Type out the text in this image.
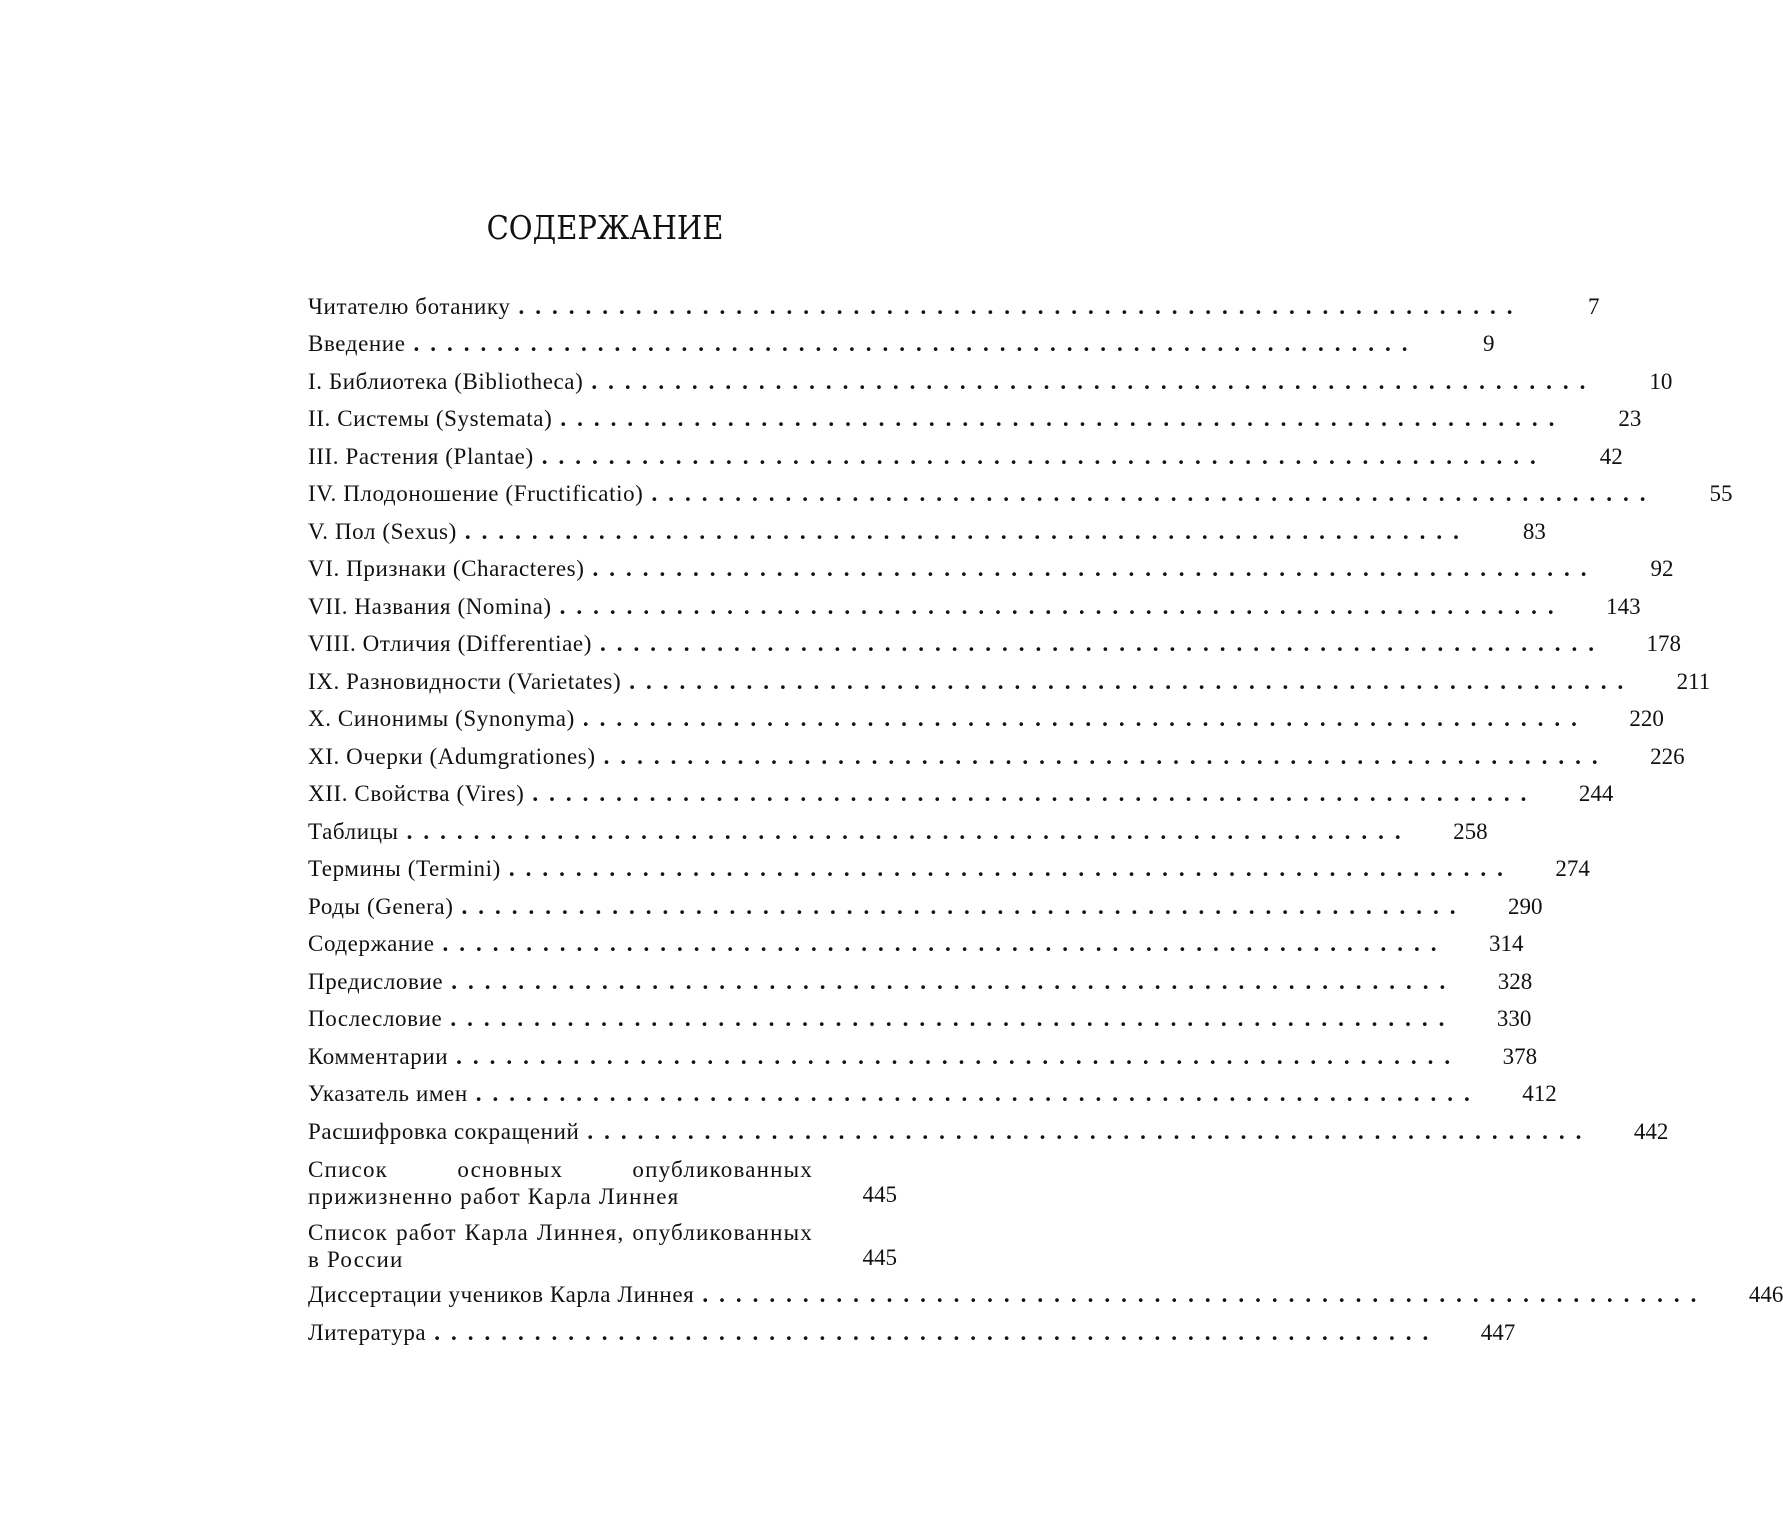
СОДЕРЖАНИЕ
Читателю ботанику ............................................................	7
Введение ............................................................	9
I. Библиотека (Bibliotheca) ............................................................	10
II. Системы (Systemata) ............................................................	23
III. Растения (Plantae) ............................................................	42
IV. Плодоношение (Fructificatio) ............................................................	55
V. Пол (Sexus) ............................................................	83
VI. Признаки (Characteres) ............................................................	92
VII. Названия (Nomina) ............................................................	143
VIII. Отличия (Differentiae) ............................................................	178
IX. Разновидности (Varietates) ............................................................	211
X. Синонимы (Synonyma) ............................................................	220
XI. Очерки (Adumgrationes) ............................................................	226
XII. Свойства (Vires) ............................................................	244
Таблицы ............................................................	258
Термины (Termini) ............................................................	274
Роды (Genera) ............................................................	290
Содержание ............................................................	314
Предисловие ............................................................	328
Послесловие ............................................................	330
Комментарии ............................................................	378
Указатель имен ............................................................	412
Расшифровка сокращений ............................................................	442
Список основных опубликованных прижизненно работ Карла Линнея	445
Список работ Карла Линнея, опубликованных в России	445
Диссертации учеников Карла Линнея ............................................................	446
Литература ............................................................	447
